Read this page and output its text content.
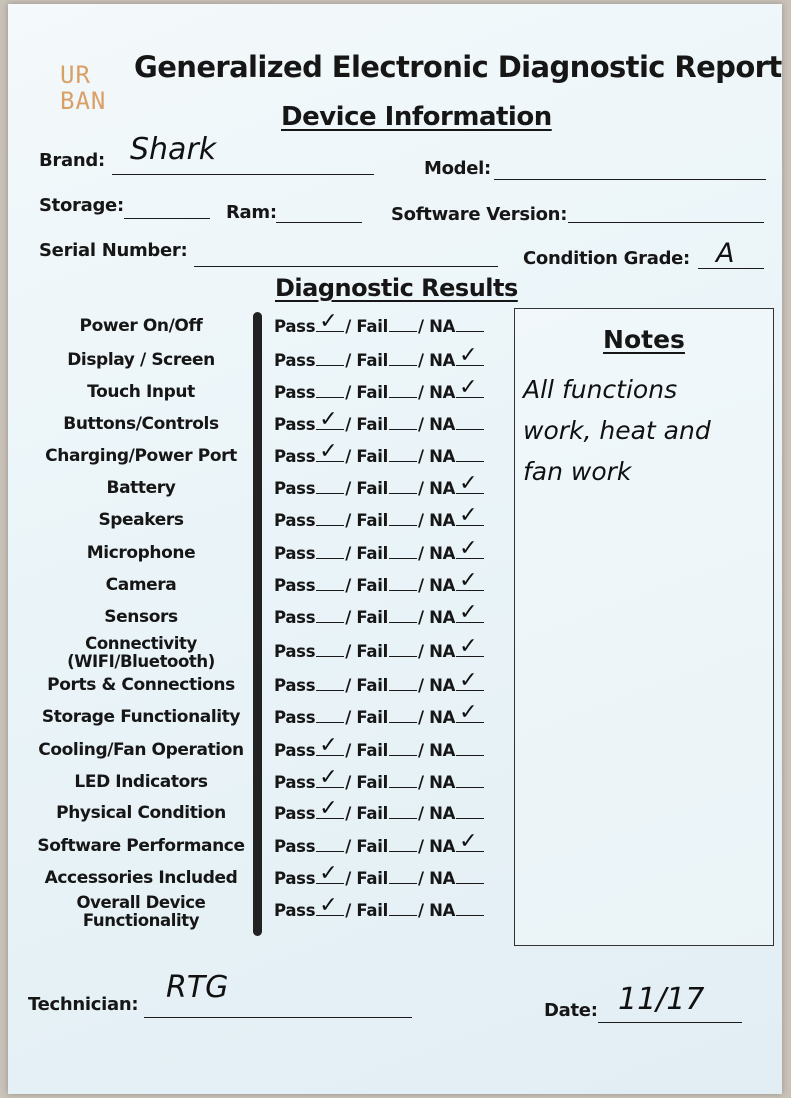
UR
BAN
Generalized Electronic Diagnostic Report
Device Information
Brand: Shark
Model:
Storage:	Ram:	Software Version:
Serial Number:	Condition Grade: A
Diagnostic Results
Power On/Off	Pass ✓ / Fail / NA
Display / Screen	Pass / Fail / NA ✓
Touch Input	Pass / Fail / NA ✓
Buttons/Controls	Pass ✓ / Fail / NA
Charging/Power Port	Pass ✓ / Fail / NA
Battery	Pass / Fail / NA ✓
Speakers	Pass / Fail / NA ✓
Microphone	Pass / Fail / NA ✓
Camera	Pass / Fail / NA ✓
Sensors	Pass / Fail / NA ✓
Connectivity
(WIFI/Bluetooth)
Pass / Fail / NA ✓
Ports & Connections	Pass / Fail / NA ✓
Storage Functionality	Pass / Fail / NA ✓
Cooling/Fan Operation Pass ✓ / Fail / NA
LED Indicators	Pass ✓ / Fail / NA
Physical Condition	Pass ✓ / Fail / NA
Software Performance Pass / Fail / NA ✓
Accessories Included	Pass ✓ / Fail / NA
Overall Device
Functionality
Pass ✓ / Fail / NA
Notes
All functions
work, heat and
fan work
Technician: RTG
Date: 11/17
